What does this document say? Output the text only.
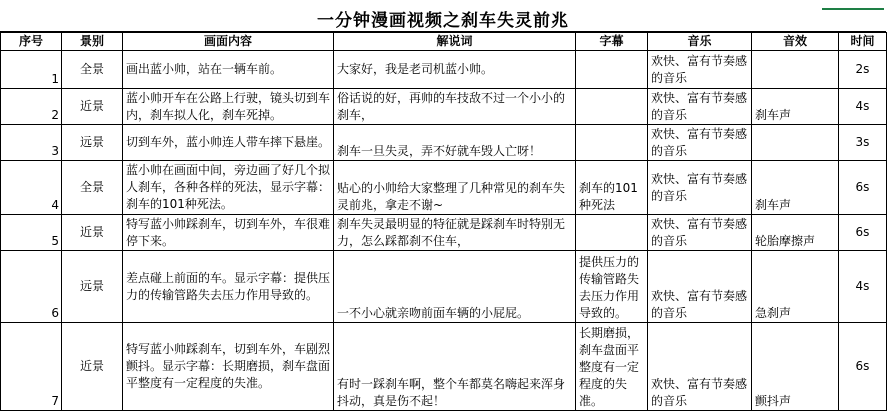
一分钟漫画视频之刹车失灵前兆
序号	景别	画面内容	解说词	字幕	音乐	音效	时间
1	全景	画出蓝小帅，站在一辆车前。	大家好，我是老司机蓝小帅。		欢快、富有节奏感的音乐		2s
2	近景	蓝小帅开车在公路上行驶，镜头切到车内，刹车拟人化，刹车死掉。	俗话说的好，再帅的车技敌不过一个小小的刹车，		欢快、富有节奏感的音乐	刹车声	4s
3	远景	切到车外，蓝小帅连人带车摔下悬崖。	刹车一旦失灵，弄不好就车毁人亡呀！		欢快、富有节奏感的音乐		3s
4	全景	蓝小帅在画面中间，旁边画了好几个拟人刹车，各种各样的死法，显示字幕：刹车的101种死法。	贴心的小帅给大家整理了几种常见的刹车失灵前兆，拿走不谢~	刹车的101种死法	欢快、富有节奏感的音乐	刹车声	6s
5	近景	特写蓝小帅踩刹车，切到车外，车很难停下来。	刹车失灵最明显的特征就是踩刹车时特别无力，怎么踩都刹不住车，		欢快、富有节奏感的音乐	轮胎摩擦声	6s
6	远景	差点碰上前面的车。显示字幕：提供压力的传输管路失去压力作用导致的。	一不小心就亲吻前面车辆的小屁屁。	提供压力的传输管路失去压力作用导致的。	欢快、富有节奏感的音乐	急刹声	4s
7	近景	特写蓝小帅踩刹车，切到车外，车剧烈颤抖。显示字幕：长期磨损，刹车盘面平整度有一定程度的失准。	有时一踩刹车啊，整个车都莫名嗨起来浑身抖动，真是伤不起！	长期磨损，刹车盘面平整度有一定程度的失准。	欢快、富有节奏感的音乐	颤抖声	6s
